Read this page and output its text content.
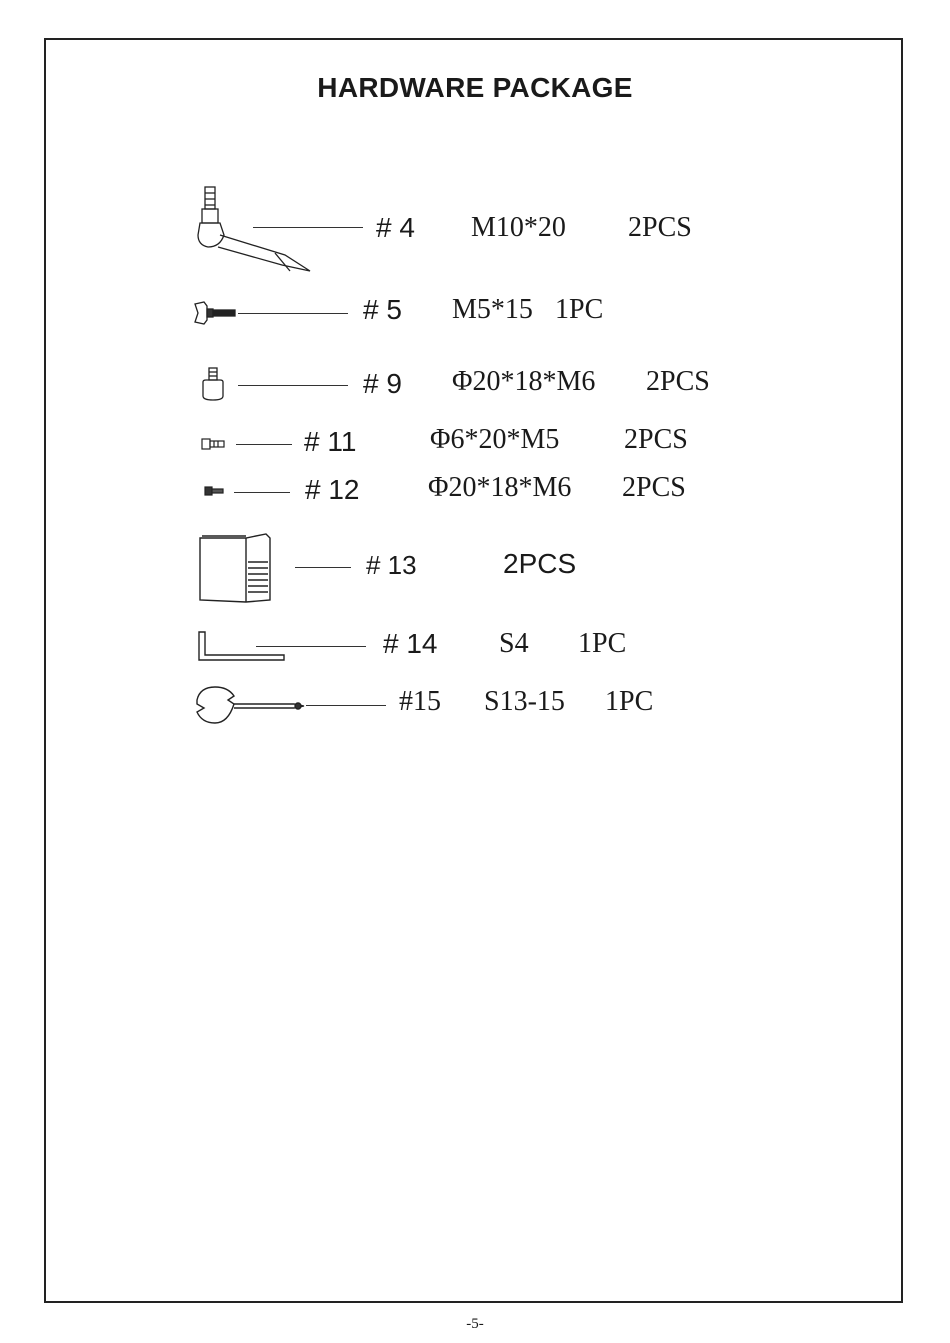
HARDWARE PACKAGE
# 4 M10*20 2PCS
# 5 M5*15 1PC
# 9 Φ20*18*M6 2PCS
# 11	Φ6*20*M5 2PCS
# 12 Φ20*18*M6 2PCS
# 13	2PCS
# 14 S4 1PC
#15 S13-15 1PC
-5-
